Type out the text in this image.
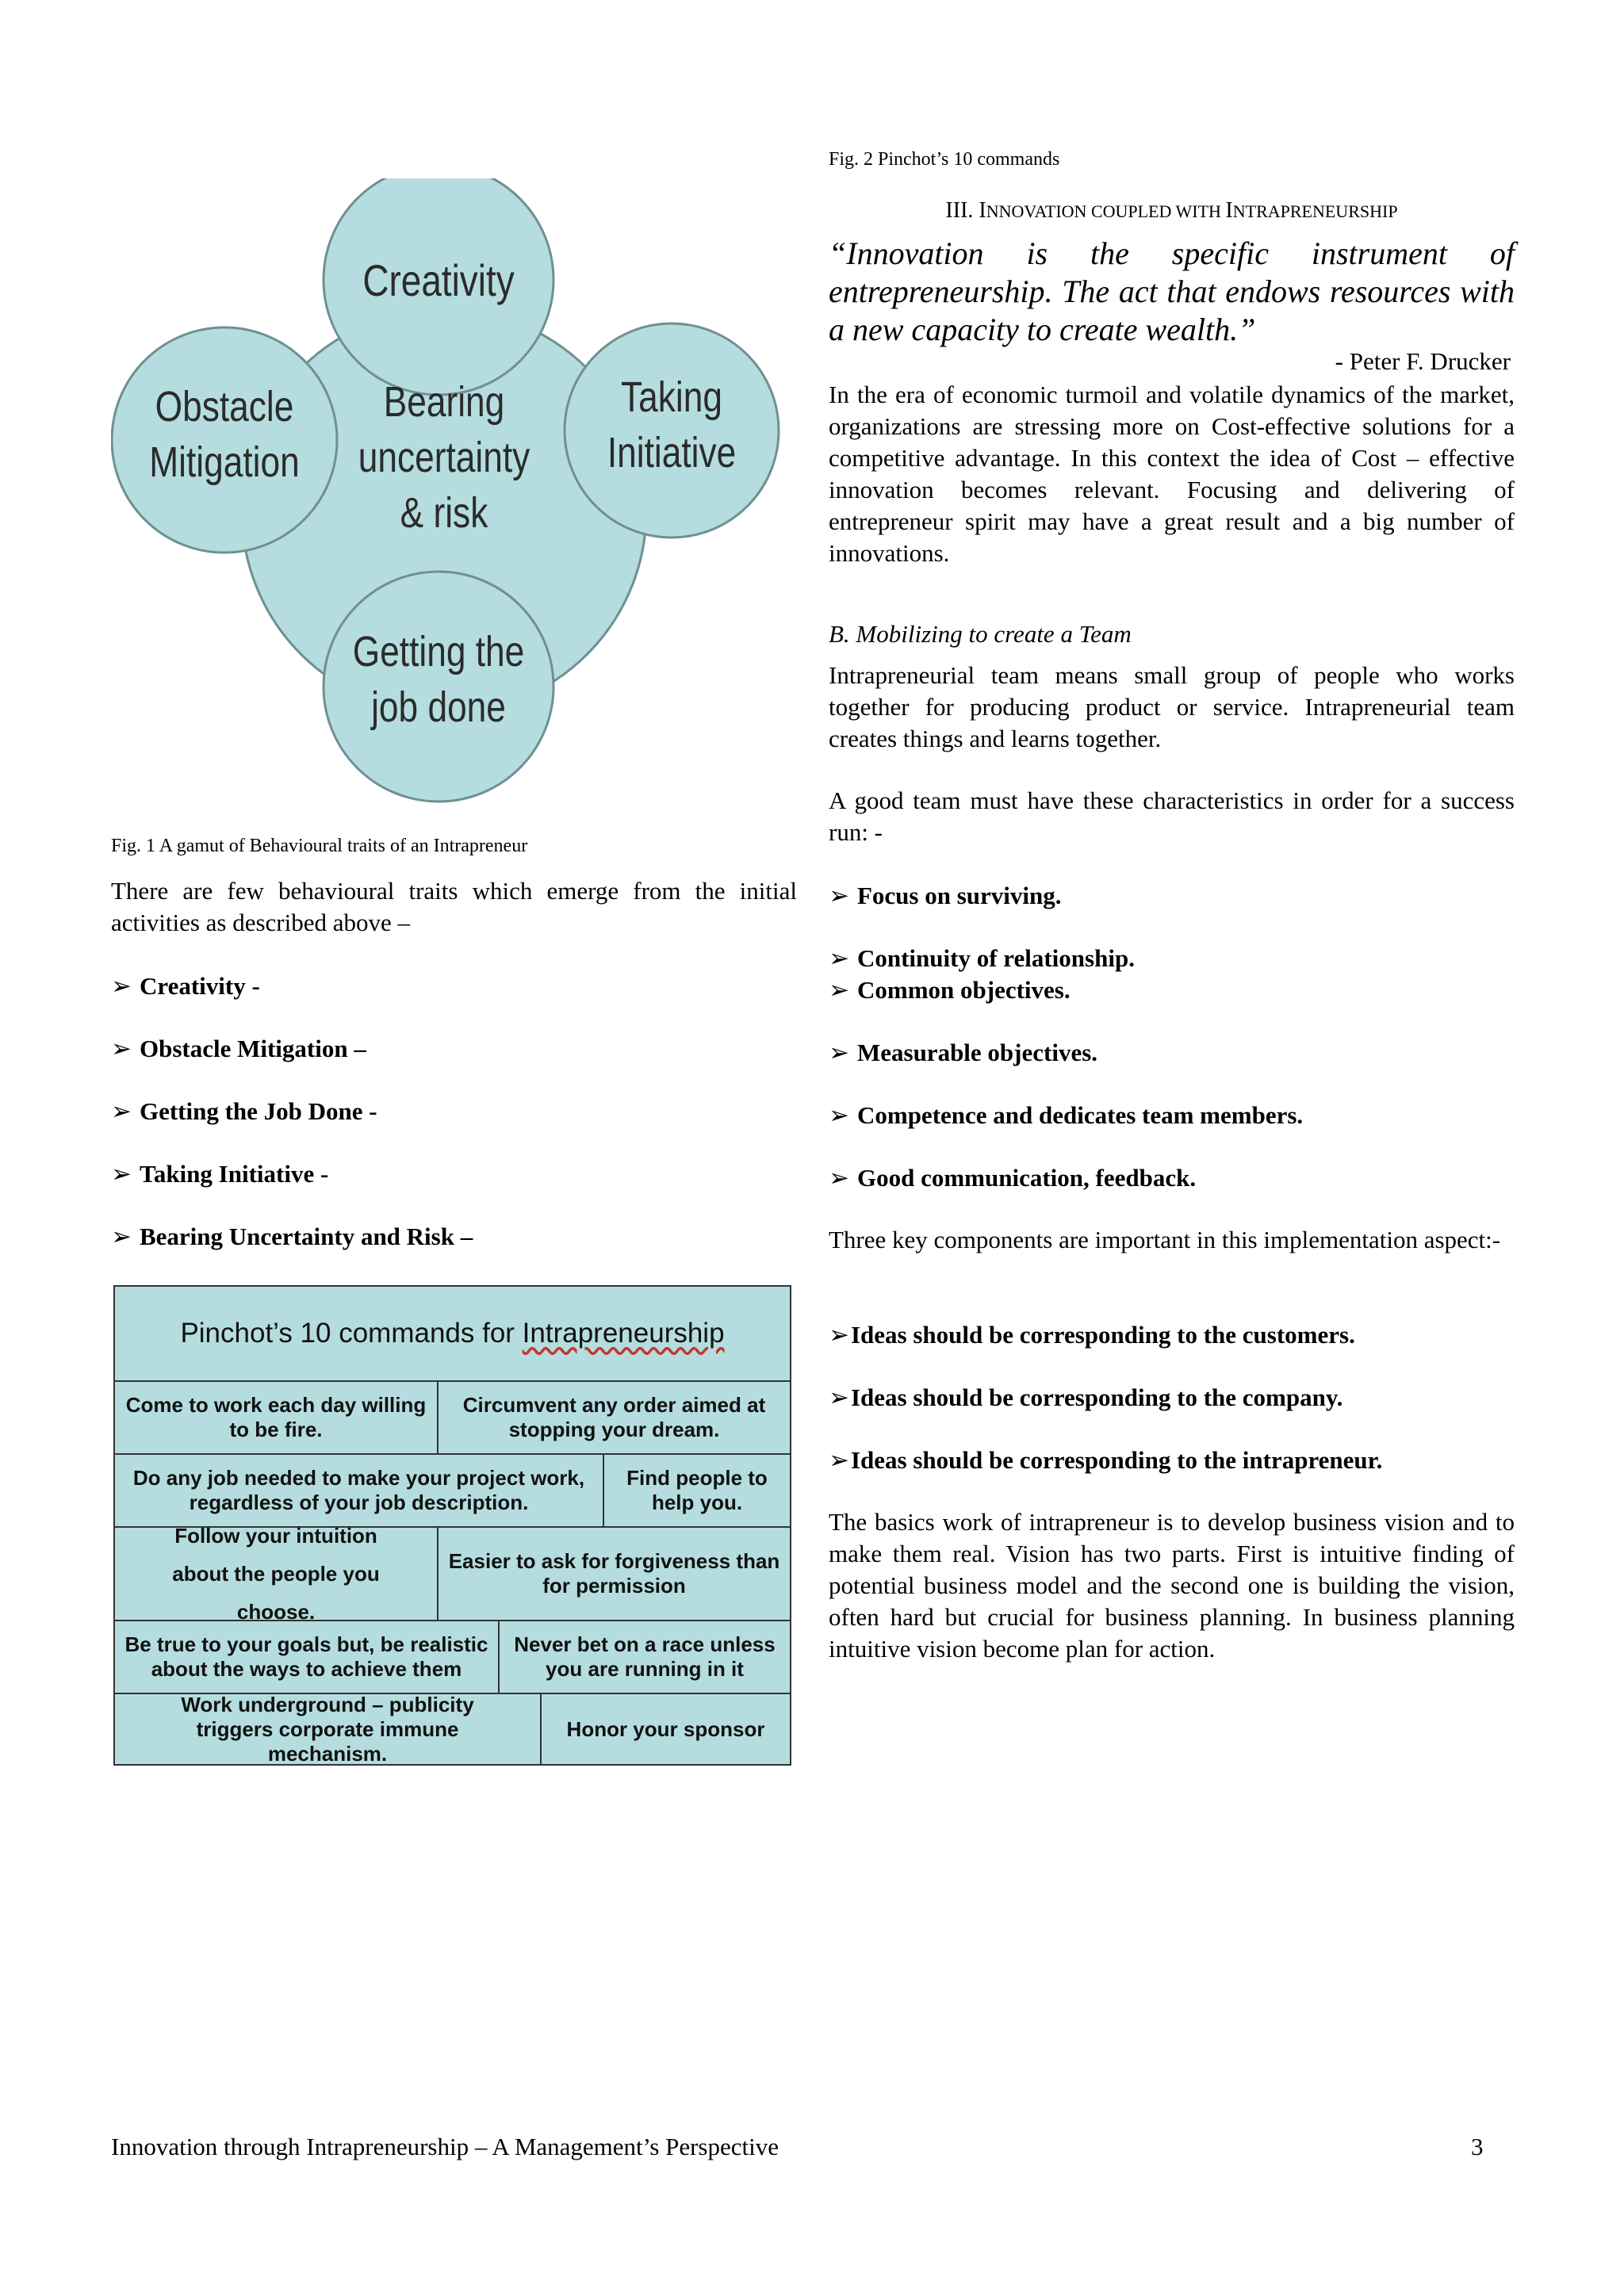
Bearing uncertainty & risk
Creativity
Obstacle Mitigation
Taking Initiative
Getting the job done
Fig. 1 A gamut of Behavioural traits of an Intrapreneur
There are few behavioural traits which emerge from the initial activities as described above –
➢ Creativity -
➢ Obstacle Mitigation –
➢ Getting the Job Done -
➢ Taking Initiative -
➢ Bearing Uncertainty and Risk –
Pinchot’s 10 commands for Intrapreneurship
Come to work each day willing to be fire.
Circumvent any order aimed at stopping your dream.
Do any job needed to make your project work, regardless of your job description.
Find people to help you.
Follow your intuition about the people you choose.
Easier to ask for forgiveness than for permission
Be true to your goals but, be realistic about the ways to achieve them
Never bet on a race unless you are running in it
Work underground – publicity triggers corporate immune mechanism.
Honor your sponsor
Fig. 2 Pinchot’s 10 commands
III. INNOVATION COUPLED WITH INTRAPRENEURSHIP
“Innovation is the specific instrument of entrepreneurship. The act that endows resources with a new capacity to create wealth.”
- Peter F. Drucker
In the era of economic turmoil and volatile dynamics of the market, organizations are stressing more on Cost-effective solutions for a competitive advantage. In this context the idea of Cost – effective innovation becomes relevant. Focusing and delivering of entrepreneur spirit may have a great result and a big number of innovations.
B. Mobilizing to create a Team
Intrapreneurial team means small group of people who works together for producing product or service. Intrapreneurial team creates things and learns together.
A good team must have these characteristics in order for a success run: -
➢ Focus on surviving.
➢ Continuity of relationship.
➢ Common objectives.
➢ Measurable objectives.
➢ Competence and dedicates team members.
➢ Good communication, feedback.
Three key components are important in this implementation aspect:-
➢Ideas should be corresponding to the customers.
➢Ideas should be corresponding to the company.
➢Ideas should be corresponding to the intrapreneur.
The basics work of intrapreneur is to develop business vision and to make them real. Vision has two parts. First is intuitive finding of potential business model and the second one is building the vision, often hard but crucial for business planning. In business planning intuitive vision become plan for action.
Innovation through Intrapreneurship – A Management’s Perspective	3
